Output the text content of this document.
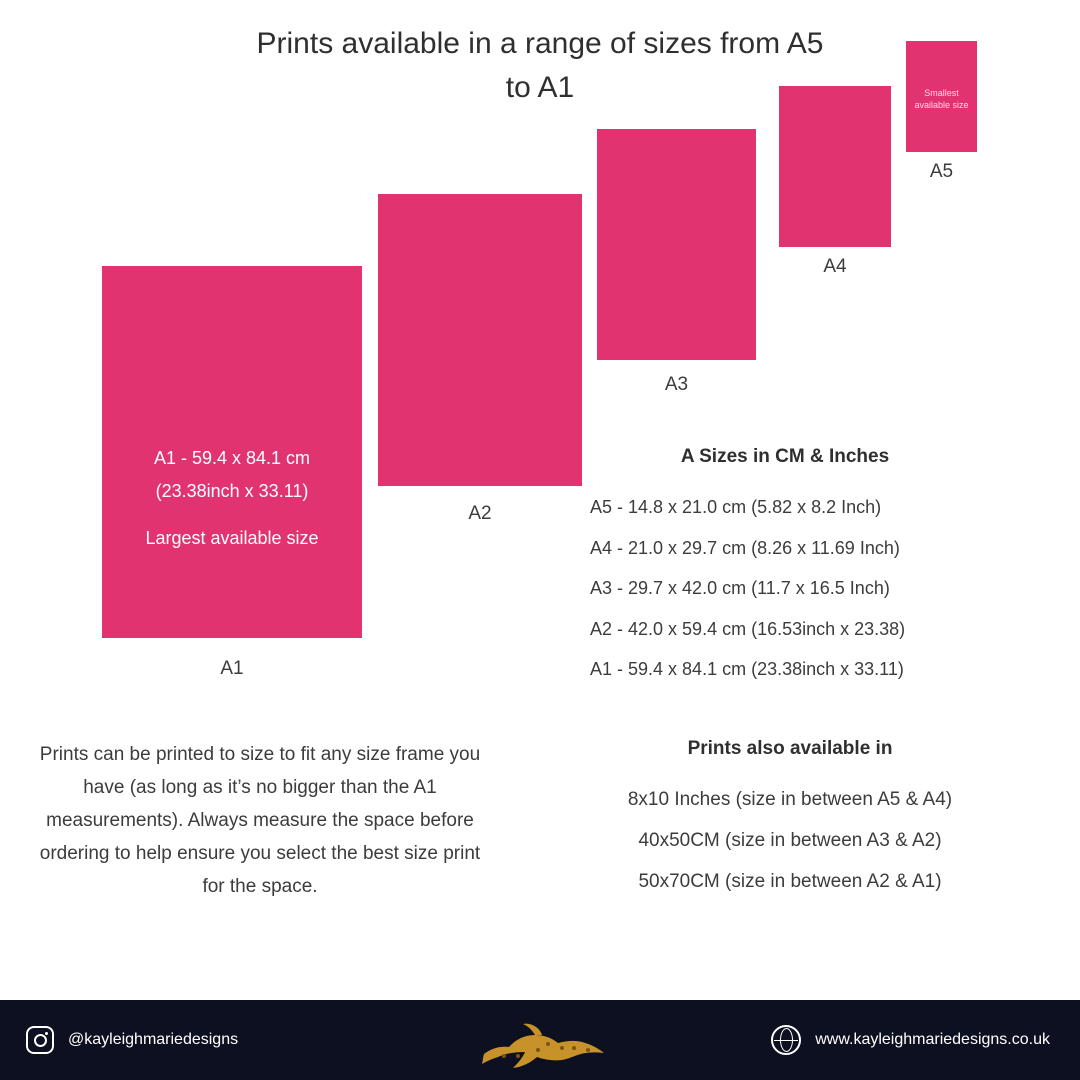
Prints available in a range of sizes from A5 to A1
A1 - 59.4 x 84.1 cm
(23.38inch x 33.11)
Largest available size
A1
A2
A3
A4
Smallest
available size
A5
A Sizes in CM & Inches
A5 - 14.8 x 21.0 cm (5.82 x 8.2 Inch)
A4 - 21.0 x 29.7 cm (8.26 x 11.69 Inch)
A3 - 29.7 x 42.0 cm (11.7 x 16.5 Inch)
A2 - 42.0 x 59.4 cm (16.53inch x 23.38)
A1 - 59.4 x 84.1 cm (23.38inch x 33.11)
Prints can be printed to size to fit any size frame you have (as long as it’s no bigger than the A1 measurements). Always measure the space before ordering to help ensure you select the best size print for the space.
Prints also available in
8x10 Inches (size in between A5 & A4)
40x50CM (size in between A3 & A2)
50x70CM (size in between A2 & A1)
@kayleighmariedesigns	www.kayleighmariedesigns.co.uk
